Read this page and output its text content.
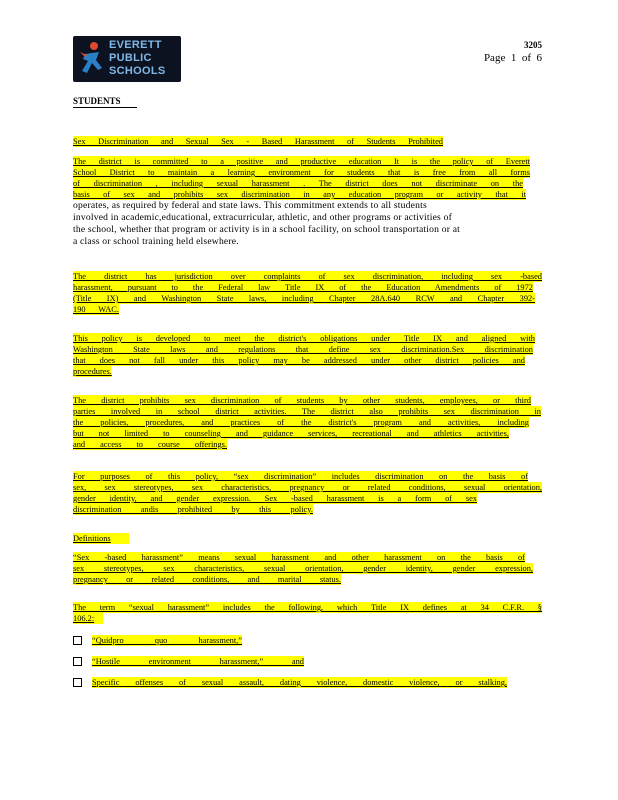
EVERETT
PUBLIC
SCHOOLS
3205
Page 1 of 6
STUDENTS
Sex Discrimination and Sexual Sex - Based Harassment of Students Prohibited
The district is committed to a positive and productive education It is the policy of Everett
School District to maintain a learning environment for students that is free from all forms
of discrimination , including sexual harassment . The district does not discriminate on the
basis of sex and prohibits sex discrimination in any education program or activity that it
operates, as required by federal and state laws. This commitment extends to all students
involved in academic,educational, extracurricular, athletic, and other programs or activities of
the school, whether that program or activity is in a school facility, on school transportation or at
a class or school training held elsewhere.
The district has jurisdiction over complaints of sex discrimination, including sex -based
harassment, pursuant to the Federal law Title IX of the Education Amendments of 1972
(Title IX) and Washington State laws, including Chapter 28A.640 RCW and Chapter 392-
190 WAC.
This policy is developed to meet the district's obligations under Title IX and aligned with
Washington State laws and regulations that define sex discrimination.Sex discrimination
that does not fall under this policy may be addressed under other district policies and
procedures.
The district prohibits sex discrimination of students by other students, employees, or third
parties involved in school district activities. The district also prohibits sex discrimination in
the policies, procedures, and practices of the district's program and activities, including
but not limited to counseling and guidance services, recreational and athletics activities,
and access to course offerings.
For purposes of this policy, “sex discrimination” includes discrimination on the basis of
sex, sex stereotypes, sex characteristics, pregnancy or related conditions, sexual orientation,
gender identity, and gender expression. Sex -based harassment is a form of sex
discrimination andis prohibited by this policy.
Definitions
“Sex -based harassment” means sexual harassment and other harassment on the basis of
sex stereotypes, sex characteristics, sexual orientation, gender identity, gender expression,
pregnancy or related conditions, and marital status.
The term “sexual harassment” includes the following, which Title IX defines at 34 C.F.R. §
106.2:
“Quidpro quo harassment,”
“Hostile environment harassment,” and
Specific offenses of sexual assault, dating violence, domestic violence, or stalking,
